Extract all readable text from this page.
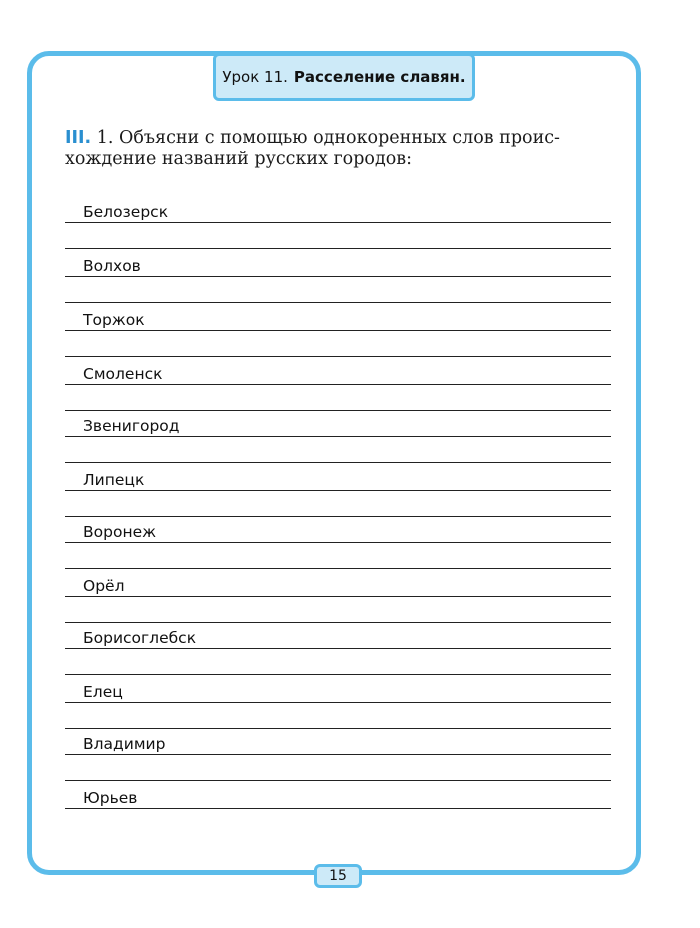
Урок 11. Расселение славян.
III. 1. Объясни с помощью однокоренных слов проис-
хождение названий русских городов:
Белозерск
Волхов
Торжок
Смоленск
Звенигород
Липецк
Воронеж
Орёл
Борисоглебск
Елец
Владимир
Юрьев
15
